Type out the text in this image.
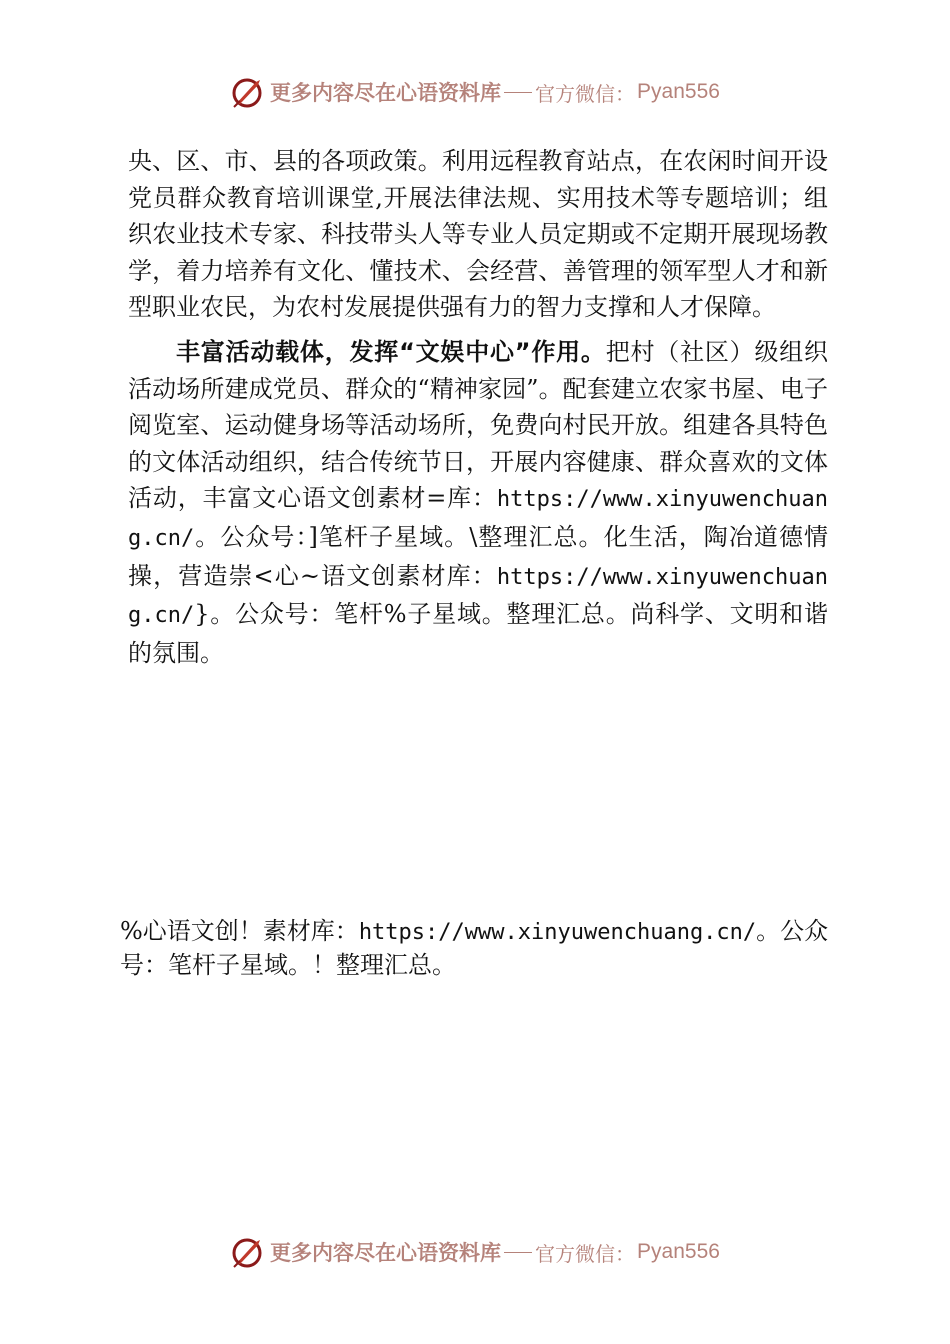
更多内容尽在心语资料库 官方微信： Pyan556

央、区、市、县的各项政策。利用远程教育站点，在农闲时间开设党员群众教育培训课堂,开展法律法规、实用技术等专题培训；组织农业技术专家、科技带头人等专业人员定期或不定期开展现场教学，着力培养有文化、懂技术、会经营、善管理的领军型人才和新型职业农民，为农村发展提供强有力的智力支撑和人才保障。

丰富活动载体，发挥“文娱中心”作用。把村（社区）级组织活动场所建成党员、群众的“精神家园”。配套建立农家书屋、电子阅览室、运动健身场等活动场所，免费向村民开放。组建各具特色的文体活动组织，结合传统节日，开展内容健康、群众喜欢的文体活动，丰富文心语文创素材=库：https://www.xinyuwenchuang.cn/。公众号：]笔杆子星域。\整理汇总。化生活，陶冶道德情操，营造崇<心~语文创素材库：https://www.xinyuwenchuang.cn/}。公众号：笔杆%子星域。整理汇总。尚科学、文明和谐的氛围。

%心语文创！素材库：https://www.xinyuwenchuang.cn/。公众号：笔杆子星域。！整理汇总。
更多内容尽在心语资料库 官方微信： Pyan556
